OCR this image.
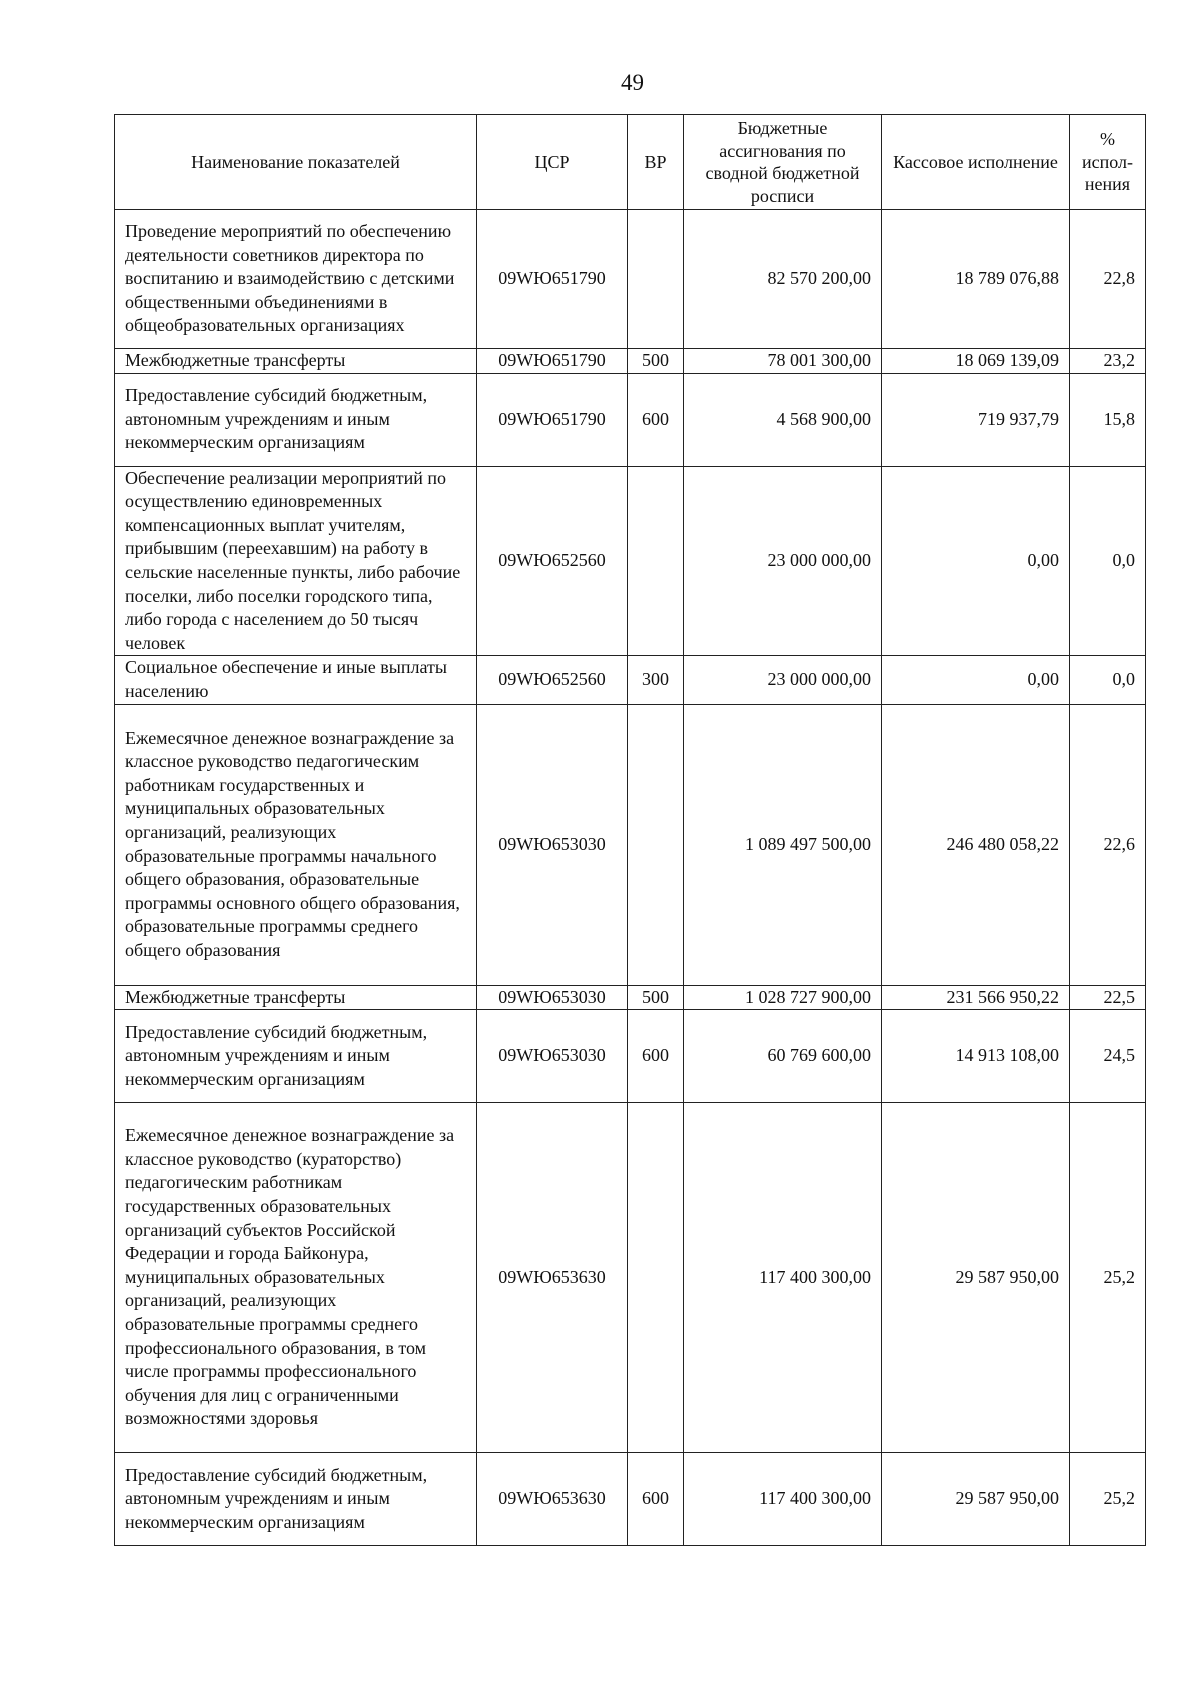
49
Наименование показателей	ЦСР	ВР	Бюджетные ассигнования по сводной бюджетной росписи	Кассовое исполнение	% испол-нения
Проведение мероприятий по обеспечению деятельности советников директора по воспитанию и взаимодействию с детскими общественными объединениями в общеобразовательных организациях	09WЮ651790		82 570 200,00	18 789 076,88	22,8
Межбюджетные трансферты	09WЮ651790	500	78 001 300,00	18 069 139,09	23,2
Предоставление субсидий бюджетным, автономным учреждениям и иным некоммерческим организациям	09WЮ651790	600	4 568 900,00	719 937,79	15,8
Обеспечение реализации мероприятий по осуществлению единовременных компенсационных выплат учителям, прибывшим (переехавшим) на работу в сельские населенные пункты, либо рабочие поселки, либо поселки городского типа, либо города с населением до 50 тысяч человек	09WЮ652560		23 000 000,00	0,00	0,0
Социальное обеспечение и иные выплаты населению	09WЮ652560	300	23 000 000,00	0,00	0,0
Ежемесячное денежное вознаграждение за классное руководство педагогическим работникам государственных и муниципальных образовательных организаций, реализующих образовательные программы начального общего образования, образовательные программы основного общего образования, образовательные программы среднего общего образования	09WЮ653030		1 089 497 500,00	246 480 058,22	22,6
Межбюджетные трансферты	09WЮ653030	500	1 028 727 900,00	231 566 950,22	22,5
Предоставление субсидий бюджетным, автономным учреждениям и иным некоммерческим организациям	09WЮ653030	600	60 769 600,00	14 913 108,00	24,5
Ежемесячное денежное вознаграждение за классное руководство (кураторство) педагогическим работникам государственных образовательных организаций субъектов Российской Федерации и города Байконура, муниципальных образовательных организаций, реализующих образовательные программы среднего профессионального образования, в том числе программы профессионального обучения для лиц с ограниченными возможностями здоровья	09WЮ653630		117 400 300,00	29 587 950,00	25,2
Предоставление субсидий бюджетным, автономным учреждениям и иным некоммерческим организациям	09WЮ653630	600	117 400 300,00	29 587 950,00	25,2
